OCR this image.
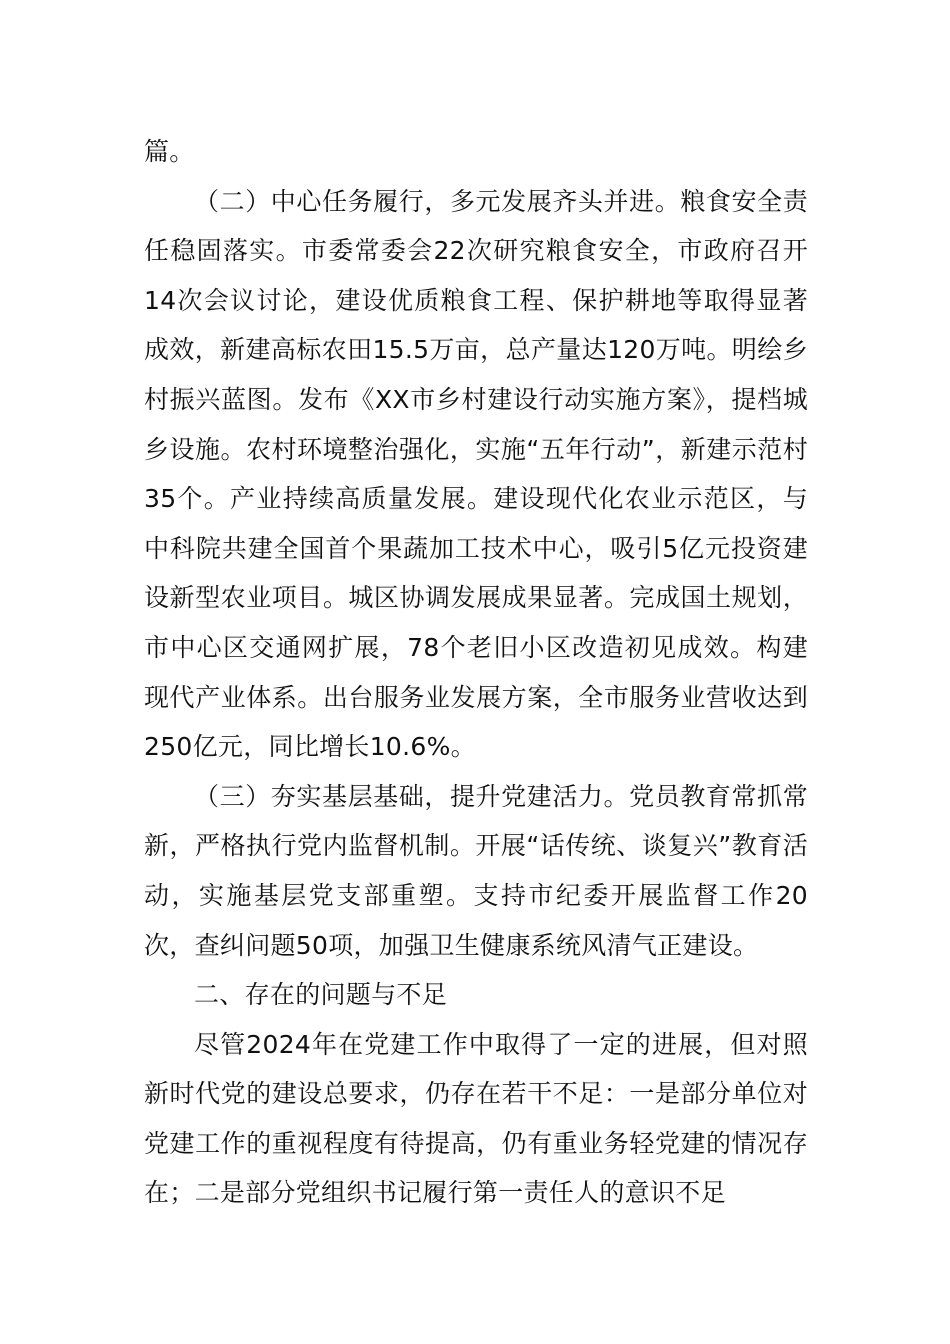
篇。

（二）中心任务履行，多元发展齐头并进。粮食安全责任稳固落实。市委常委会22次研究粮食安全，市政府召开14次会议讨论，建设优质粮食工程、保护耕地等取得显著成效，新建高标农田15.5万亩，总产量达120万吨。明绘乡村振兴蓝图。发布《XX市乡村建设行动实施方案》，提档城乡设施。农村环境整治强化，实施“五年行动”，新建示范村35个。产业持续高质量发展。建设现代化农业示范区，与中科院共建全国首个果蔬加工技术中心，吸引5亿元投资建设新型农业项目。城区协调发展成果显著。完成国土规划，市中心区交通网扩展，78个老旧小区改造初见成效。构建现代产业体系。出台服务业发展方案，全市服务业营收达到250亿元，同比增长10.6%。

（三）夯实基层基础，提升党建活力。党员教育常抓常新，严格执行党内监督机制。开展“话传统、谈复兴”教育活动，实施基层党支部重塑。支持市纪委开展监督工作20次，查纠问题50项，加强卫生健康系统风清气正建设。

二、存在的问题与不足

尽管2024年在党建工作中取得了一定的进展，但对照新时代党的建设总要求，仍存在若干不足：一是部分单位对党建工作的重视程度有待提高，仍有重业务轻党建的情况存在；二是部分党组织书记履行第一责任人的意识不足
